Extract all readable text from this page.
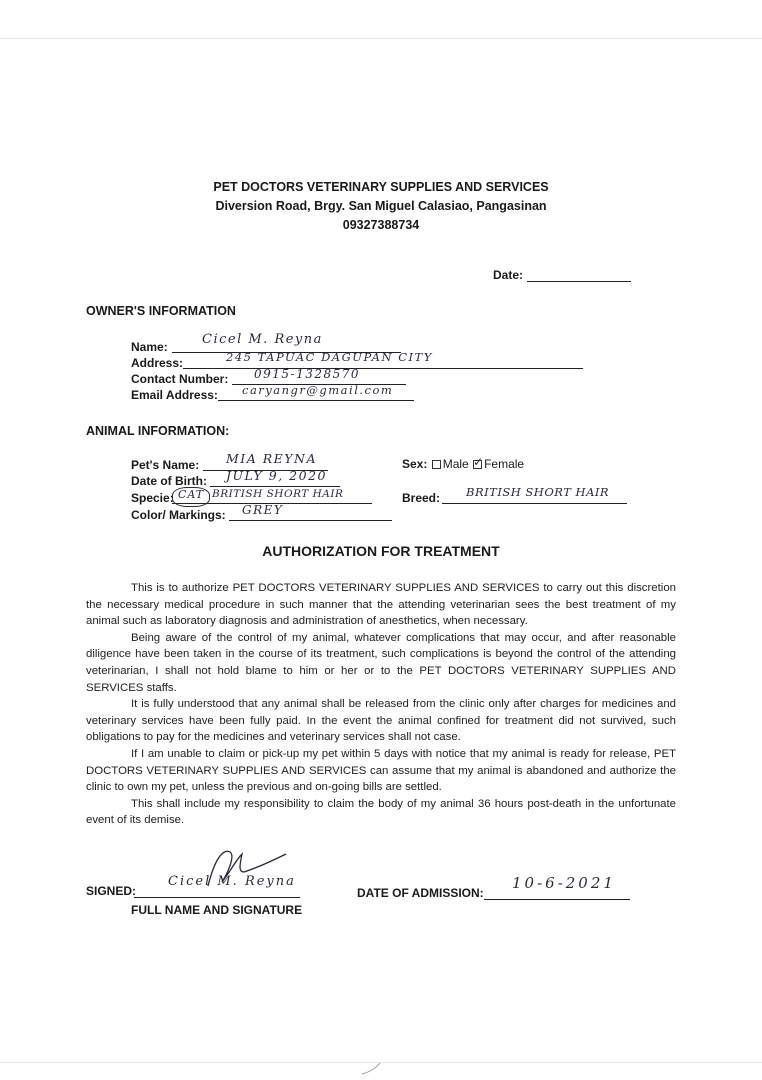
PET DOCTORS VETERINARY SUPPLIES AND SERVICES
Diversion Road, Brgy. San Miguel Calasiao, Pangasinan
09327388734
Date:
OWNER'S INFORMATION
Name:	Cicel M. Reyna
Address:	245 TAPUAC DAGUPAN CITY
Contact Number: 0915-1328570
Email Address: caryangr@gmail.com
ANIMAL INFORMATION:
Pet's Name: MIA REYNA
Date of Birth: JULY 9, 2020
Specie: CAT BRITISH SHORT HAIR
Color/ Markings: GREY
Sex: Male ✓ Female
Breed: BRITISH SHORT HAIR
AUTHORIZATION FOR TREATMENT

This is to authorize PET DOCTORS VETERINARY SUPPLIES AND SERVICES to carry out this discretion the necessary medical procedure in such manner that the attending veterinarian sees the best treatment of my animal such as laboratory diagnosis and administration of anesthetics, when necessary.

Being aware of the control of my animal, whatever complications that may occur, and after reasonable diligence have been taken in the course of its treatment, such complications is beyond the control of the attending veterinarian, I shall not hold blame to him or her or to the PET DOCTORS VETERINARY SUPPLIES AND SERVICES staffs.

It is fully understood that any animal shall be released from the clinic only after charges for medicines and veterinary services have been fully paid. In the event the animal confined for treatment did not survived, such obligations to pay for the medicines and veterinary services shall not case.

If I am unable to claim or pick-up my pet within 5 days with notice that my animal is ready for release, PET DOCTORS VETERINARY SUPPLIES AND SERVICES can assume that my animal is abandoned and authorize the clinic to own my pet, unless the previous and on-going bills are settled.

This shall include my responsibility to claim the body of my animal 36 hours post-death in the unfortunate event of its demise.

SIGNED:
Cicel M. Reyna
FULL NAME AND SIGNATURE
DATE OF ADMISSION:
10-6-2021
